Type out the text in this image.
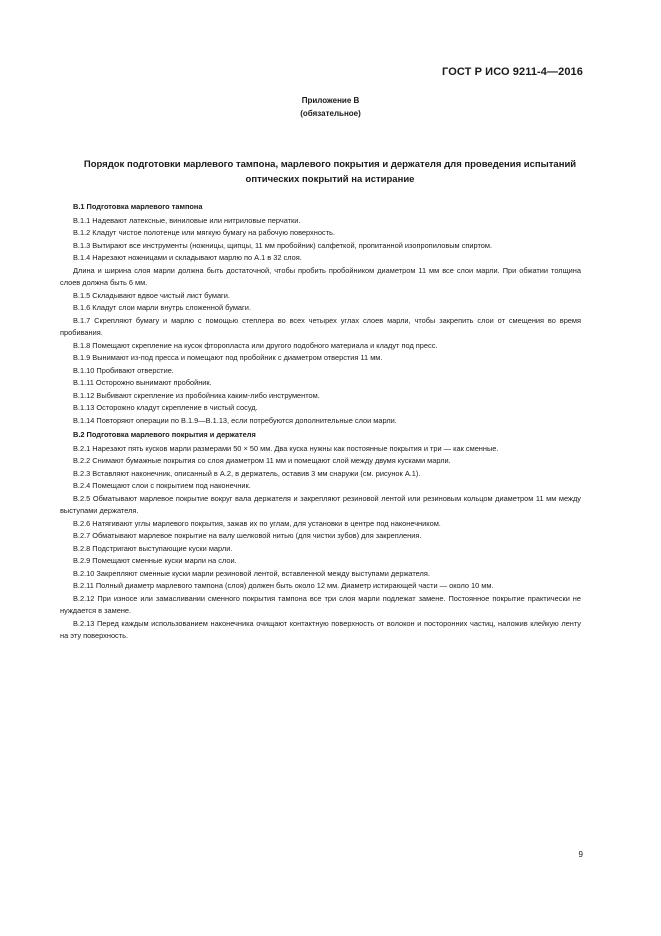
ГОСТ Р ИСО 9211-4—2016
Приложение В
(обязательное)
Порядок подготовки марлевого тампона, марлевого покрытия и держателя для проведения испытаний оптических покрытий на истирание
В.1 Подготовка марлевого тампона

В.1.1 Надевают латексные, виниловые или нитриловые перчатки.

В.1.2 Кладут чистое полотенце или мягкую бумагу на рабочую поверхность.

В.1.3 Вытирают все инструменты (ножницы, щипцы, 11 мм пробойник) салфеткой, пропитанной изопропиловым спиртом.

В.1.4 Нарезают ножницами и складывают марлю по А.1 в 32 слоя.

Длина и ширина слоя марли должна быть достаточной, чтобы пробить пробойником диаметром 11 мм все слои марли. При обжатии толщина слоев должна быть 6 мм.

В.1.5 Складывают вдвое чистый лист бумаги.

В.1.6 Кладут слои марли внутрь сложенной бумаги.

В.1.7 Скрепляют бумагу и марлю с помощью степлера во всех четырех углах слоев марли, чтобы закрепить слои от смещения во время пробивания.

В.1.8 Помещают скрепление на кусок фторопласта или другого подобного материала и кладут под пресс.

В.1.9 Вынимают из-под пресса и помещают под пробойник с диаметром отверстия 11 мм.

В.1.10 Пробивают отверстие.

В.1.11 Осторожно вынимают пробойник.

В.1.12 Выбивают скрепление из пробойника каким-либо инструментом.

В.1.13 Осторожно кладут скрепление в чистый сосуд.

В.1.14 Повторяют операции по В.1.9—В.1.13, если потребуются дополнительные слои марли.

В.2 Подготовка марлевого покрытия и держателя

В.2.1 Нарезают пять кусков марли размерами 50 × 50 мм. Два куска нужны как постоянные покрытия и три — как сменные.

В.2.2 Снимают бумажные покрытия со слоя диаметром 11 мм и помещают слой между двумя кусками марли.

В.2.3 Вставляют наконечник, описанный в А.2, в держатель, оставив 3 мм снаружи (см. рисунок А.1).

В.2.4 Помещают слои с покрытием под наконечник.

В.2.5 Обматывают марлевое покрытие вокруг вала держателя и закрепляют резиновой лентой или резиновым кольцом диаметром 11 мм между выступами держателя.

В.2.6 Натягивают углы марлевого покрытия, зажав их по углам, для установки в центре под наконечником.

В.2.7 Обматывают марлевое покрытие на валу шелковой нитью (для чистки зубов) для закрепления.

В.2.8 Подстригают выступающие куски марли.

В.2.9 Помещают сменные куски марли на слои.

В.2.10 Закрепляют сменные куски марли резиновой лентой, вставленной между выступами держателя.

В.2.11 Полный диаметр марлевого тампона (слоя) должен быть около 12 мм. Диаметр истирающей части — около 10 мм.

В.2.12 При износе или замасливании сменного покрытия тампона все три слоя марли подлежат замене. Постоянное покрытие практически не нуждается в замене.

В.2.13 Перед каждым использованием наконечника очищают контактную поверхность от волокон и посторонних частиц, наложив клейкую ленту на эту поверхность.

9
